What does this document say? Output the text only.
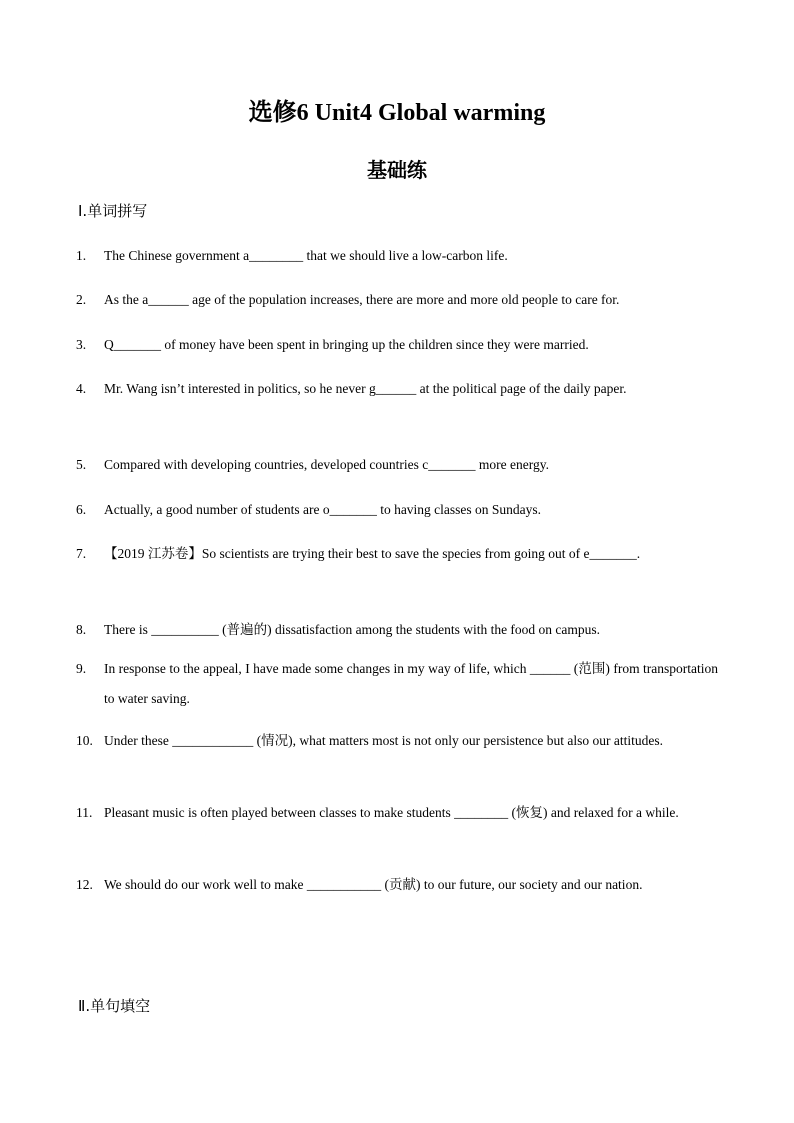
选修6 Unit4 Global warming
基础练
Ⅰ.单词拼写
1. The Chinese government a________ that we should live a low-carbon life.
2. As the a______ age of the population increases, there are more and more old people to care for.
3. Q_______ of money have been spent in bringing up the children since they were married.
4. Mr. Wang isn’t interested in politics, so he never g______ at the political page of the daily paper.
5. Compared with developing countries, developed countries c_______ more energy.
6. Actually, a good number of students are o_______ to having classes on Sundays.
7. 【2019 江苏卷】So scientists are trying their best to save the species from going out of e_______.
8. There is __________ (普遍的) dissatisfaction among the students with the food on campus.
9. In response to the appeal, I have made some changes in my way of life, which ______ (范围) from transportation to water saving.
10. Under these ____________ (情况), what matters most is not only our persistence but also our attitudes.
11. Pleasant music is often played between classes to make students ________ (恢复) and relaxed for a while.
12. We should do our work well to make ___________ (贡献) to our future, our society and our nation.
Ⅱ.单句填空
